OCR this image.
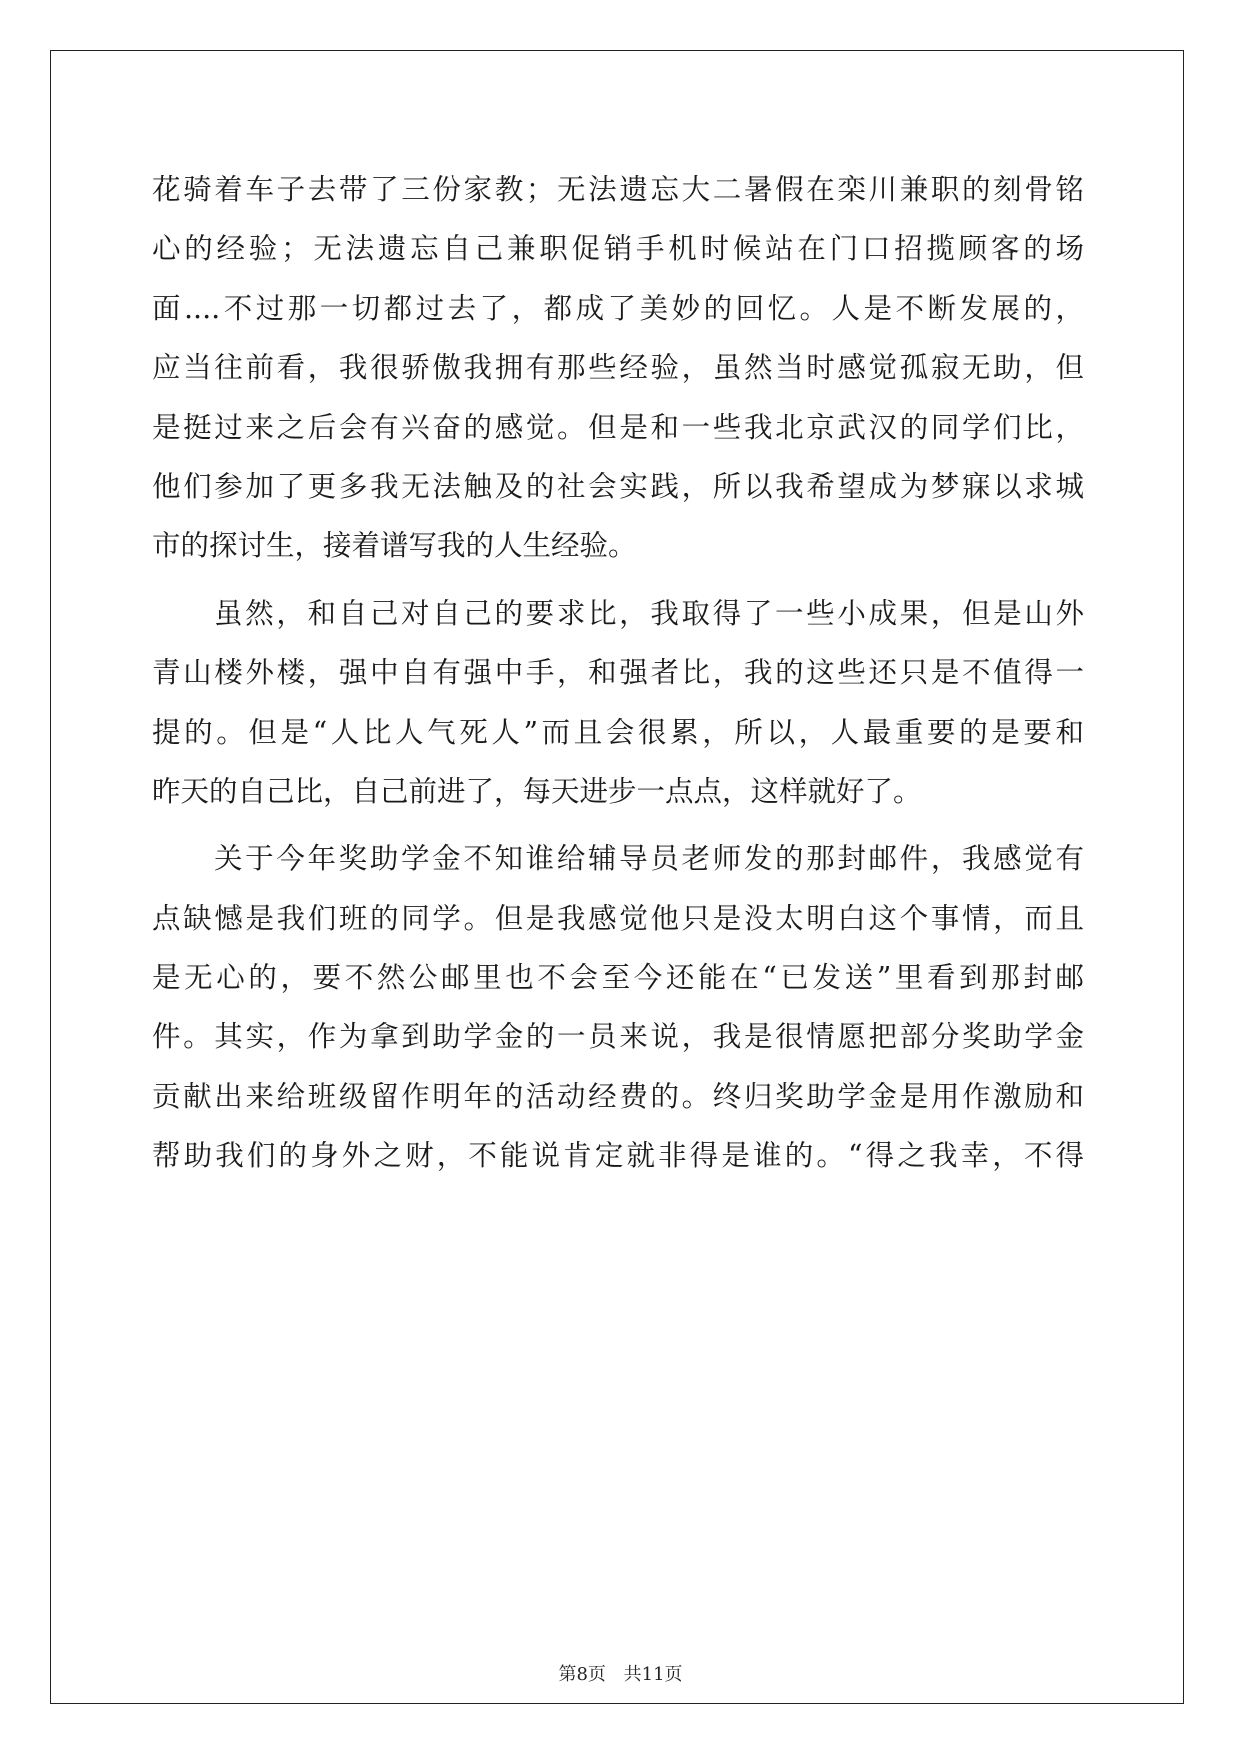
花骑着车子去带了三份家教；无法遗忘大二暑假在栾川兼职的刻骨铭
心的经验；无法遗忘自己兼职促销手机时候站在门口招揽顾客的场
面....不过那一切都过去了，都成了美妙的回忆。人是不断发展的，
应当往前看，我很骄傲我拥有那些经验，虽然当时感觉孤寂无助，但
是挺过来之后会有兴奋的感觉。但是和一些我北京武汉的同学们比，
他们参加了更多我无法触及的社会实践，所以我希望成为梦寐以求城
市的探讨生，接着谱写我的人生经验。
虽然，和自己对自己的要求比，我取得了一些小成果，但是山外
青山楼外楼，强中自有强中手，和强者比，我的这些还只是不值得一
提的。但是“人比人气死人”而且会很累，所以，人最重要的是要和
昨天的自己比，自己前进了，每天进步一点点，这样就好了。
关于今年奖助学金不知谁给辅导员老师发的那封邮件，我感觉有
点缺憾是我们班的同学。但是我感觉他只是没太明白这个事情，而且
是无心的，要不然公邮里也不会至今还能在“已发送”里看到那封邮
件。其实，作为拿到助学金的一员来说，我是很情愿把部分奖助学金
贡献出来给班级留作明年的活动经费的。终归奖助学金是用作激励和
帮助我们的身外之财，不能说肯定就非得是谁的。“得之我幸，不得
第8页 共11页
